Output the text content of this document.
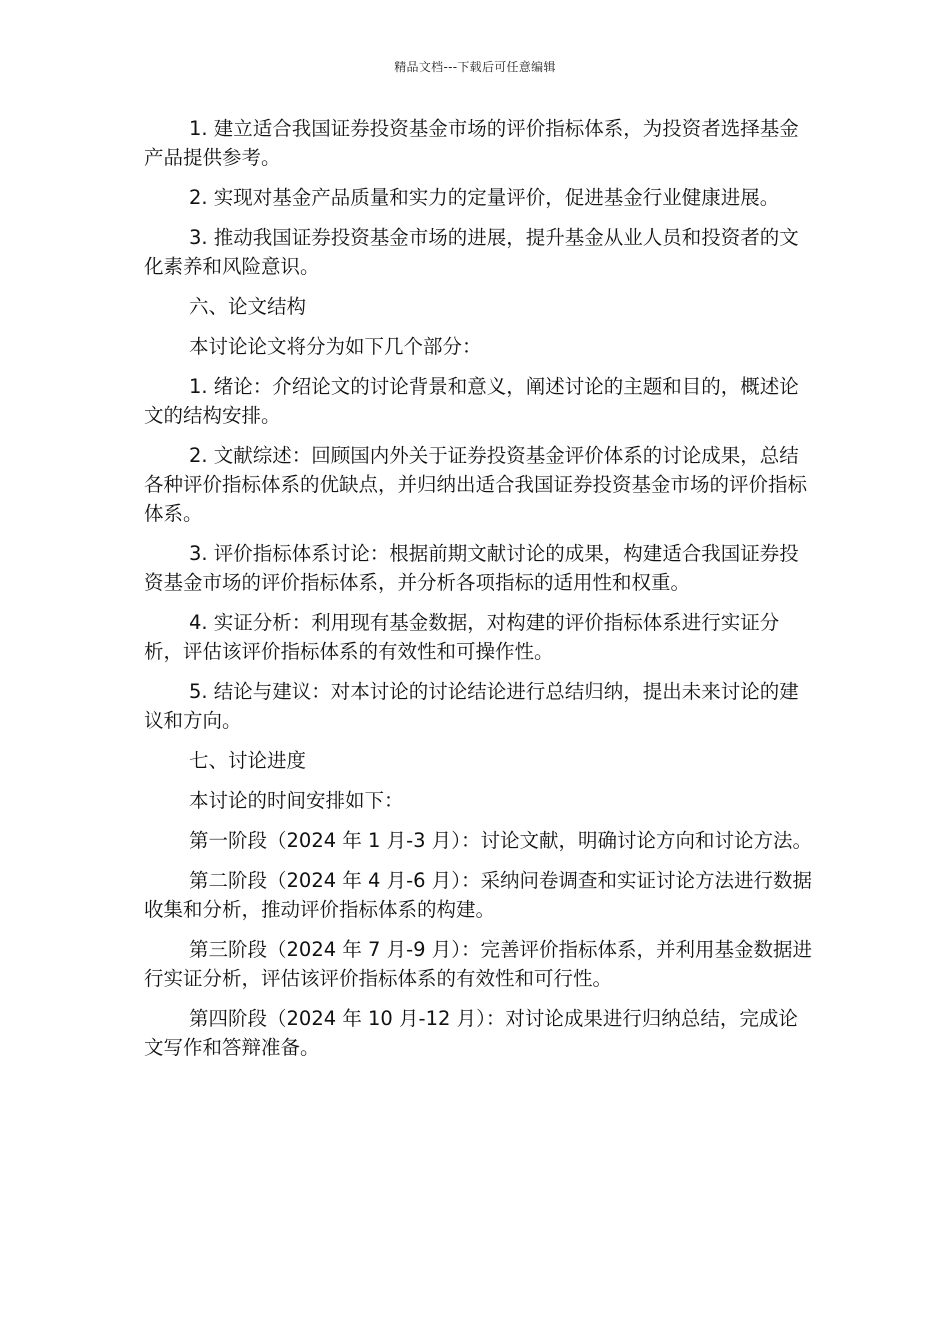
精品文档---下载后可任意编辑

1. 建立适合我国证券投资基金市场的评价指标体系，为投资者选择基金产品提供参考。

2. 实现对基金产品质量和实力的定量评价，促进基金行业健康进展。

3. 推动我国证券投资基金市场的进展，提升基金从业人员和投资者的文化素养和风险意识。

六、论文结构

本讨论论文将分为如下几个部分：

1. 绪论：介绍论文的讨论背景和意义，阐述讨论的主题和目的，概述论文的结构安排。

2. 文献综述：回顾国内外关于证券投资基金评价体系的讨论成果，总结各种评价指标体系的优缺点，并归纳出适合我国证券投资基金市场的评价指标体系。

3. 评价指标体系讨论：根据前期文献讨论的成果，构建适合我国证券投资基金市场的评价指标体系，并分析各项指标的适用性和权重。

4. 实证分析：利用现有基金数据，对构建的评价指标体系进行实证分析，评估该评价指标体系的有效性和可操作性。

5. 结论与建议：对本讨论的讨论结论进行总结归纳，提出未来讨论的建议和方向。

七、讨论进度

本讨论的时间安排如下：

第一阶段（2024 年 1 月-3 月）：讨论文献，明确讨论方向和讨论方法。

第二阶段（2024 年 4 月-6 月）：采纳问卷调查和实证讨论方法进行数据收集和分析，推动评价指标体系的构建。

第三阶段（2024 年 7 月-9 月）：完善评价指标体系，并利用基金数据进行实证分析，评估该评价指标体系的有效性和可行性。

第四阶段（2024 年 10 月-12 月）：对讨论成果进行归纳总结，完成论文写作和答辩准备。
